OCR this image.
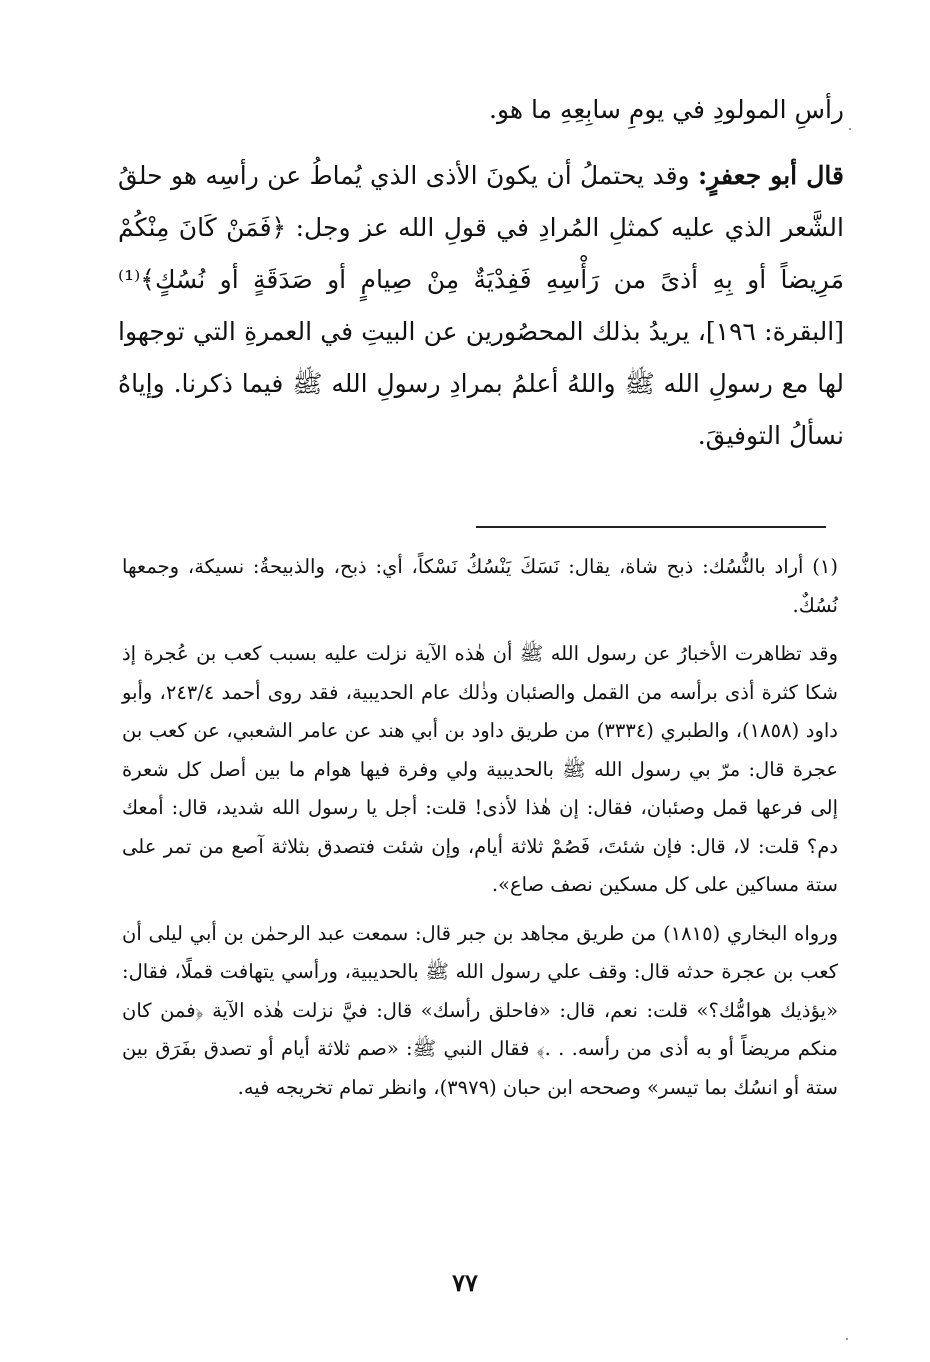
رأسِ المولودِ في يومِ سابِعِهِ ما هو.

قال أبو جعفرٍ: وقد يحتملُ أن يكونَ الأذى الذي يُماطُ عن رأسِه هو حلقُ الشَّعر الذي عليه كمثلِ المُرادِ في قولِ الله عز وجل: ﴿فَمَنْ كَانَ مِنْكُمْ مَرِيضاً أو بِهِ أذىً من رَأْسِهِ فَفِدْيَةٌ مِنْ صِيامٍ أو صَدَقَةٍ أو نُسُكٍ﴾⁽¹⁾[البقرة: ١٩٦]، يريدُ بذلك المحصُورين عن البيتِ في العمرةِ التي توجهوا لها مع رسولِ الله ﷺ واللهُ أعلمُ بمرادِ رسولِ الله ﷺ فيما ذكرنا. وإياهُ نسألُ التوفيقَ.

(١) أراد بالنُّسُك: ذبح شاة، يقال: نَسَكَ يَنْسُكُ نَسْكاً، أي: ذبح، والذبيحةُ: نسيكة، وجمعها نُسُكٌ.

وقد تظاهرت الأخبارُ عن رسول الله ﷺ أن هٰذه الآية نزلت عليه بسبب كعب بن عُجرة إذ شكا كثرة أذى برأسه من القمل والصئبان وذٰلك عام الحديبية، فقد روى أحمد ٢٤٣/٤، وأبو داود (١٨٥٨)، والطبري (٣٣٣٤) من طريق داود بن أبي هند عن عامر الشعبي، عن كعب بن عجرة قال: مرّ بي رسول الله ﷺ بالحديبية ولي وفرة فيها هوام ما بين أصل كل شعرة إلى فرعها قمل وصئبان، فقال: إن هٰذا لأذى! قلت: أجل يا رسول الله شديد، قال: أمعك دم؟ قلت: لا، قال: فإن شئتَ، فَصُمْ ثلاثة أيام، وإن شئت فتصدق بثلاثة آصع من تمر على ستة مساكين على كل مسكين نصف صاع».

ورواه البخاري (١٨١٥) من طريق مجاهد بن جبر قال: سمعت عبد الرحمٰن بن أبي ليلى أن كعب بن عجرة حدثه قال: وقف علي رسول الله ﷺ بالحديبية، ورأسي يتهافت قملًا، فقال: «يؤذيك هوامُّك؟» قلت: نعم، قال: «فاحلق رأسك» قال: فيَّ نزلت هٰذه الآية ﴿فمن كان منكم مريضاً أو به أذى من رأسه. . .﴾ فقال النبي ﷺ: «صم ثلاثة أيام أو تصدق بفَرَق بين ستة أو انسُك بما تيسر» وصححه ابن حبان (٣٩٧٩)، وانظر تمام تخريجه فيه.

٧٧
